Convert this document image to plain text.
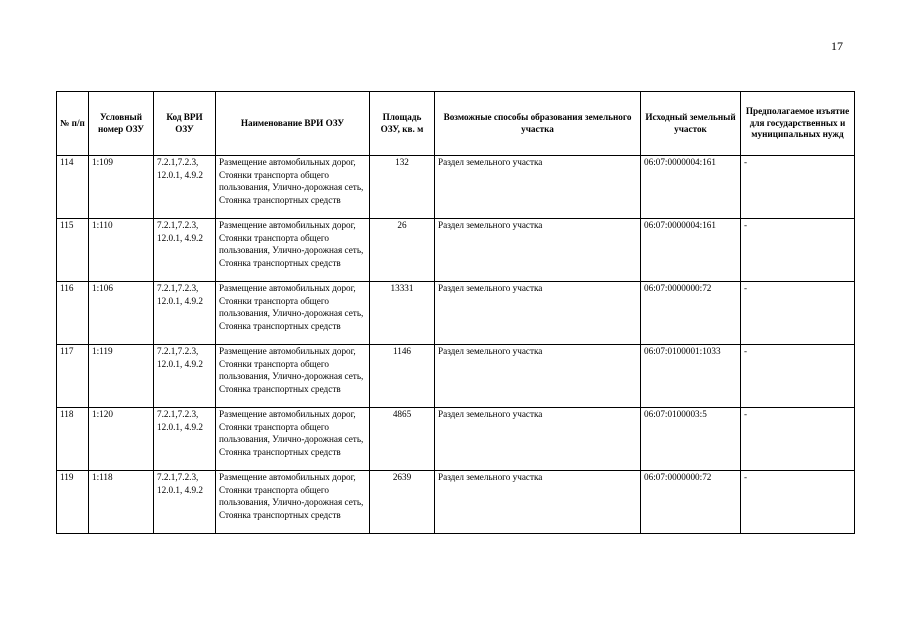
17
№ п/п	Условный номер ОЗУ	Код ВРИ ОЗУ	Наименование ВРИ ОЗУ	Площадь ОЗУ, кв. м	Возможные способы образования земельного участка	Исходный земельный участок	Предполагаемое изъятие для государственных и муниципальных нужд
114	1:109	7.2.1,7.2.3, 12.0.1, 4.9.2	Размещение автомобильных дорог, Стоянки транспорта общего пользования, Улично-дорожная сеть, Стоянка транспортных средств	132	Раздел земельного участка	06:07:0000004:161	-
115	1:110	7.2.1,7.2.3, 12.0.1, 4.9.2	Размещение автомобильных дорог, Стоянки транспорта общего пользования, Улично-дорожная сеть, Стоянка транспортных средств	26	Раздел земельного участка	06:07:0000004:161	-
116	1:106	7.2.1,7.2.3, 12.0.1, 4.9.2	Размещение автомобильных дорог, Стоянки транспорта общего пользования, Улично-дорожная сеть, Стоянка транспортных средств	13331	Раздел земельного участка	06:07:0000000:72	-
117	1:119	7.2.1,7.2.3, 12.0.1, 4.9.2	Размещение автомобильных дорог, Стоянки транспорта общего пользования, Улично-дорожная сеть, Стоянка транспортных средств	1146	Раздел земельного участка	06:07:0100001:1033	-
118	1:120	7.2.1,7.2.3, 12.0.1, 4.9.2	Размещение автомобильных дорог, Стоянки транспорта общего пользования, Улично-дорожная сеть, Стоянка транспортных средств	4865	Раздел земельного участка	06:07:0100003:5	-
119	1:118	7.2.1,7.2.3, 12.0.1, 4.9.2	Размещение автомобильных дорог, Стоянки транспорта общего пользования, Улично-дорожная сеть, Стоянка транспортных средств	2639	Раздел земельного участка	06:07:0000000:72	-
